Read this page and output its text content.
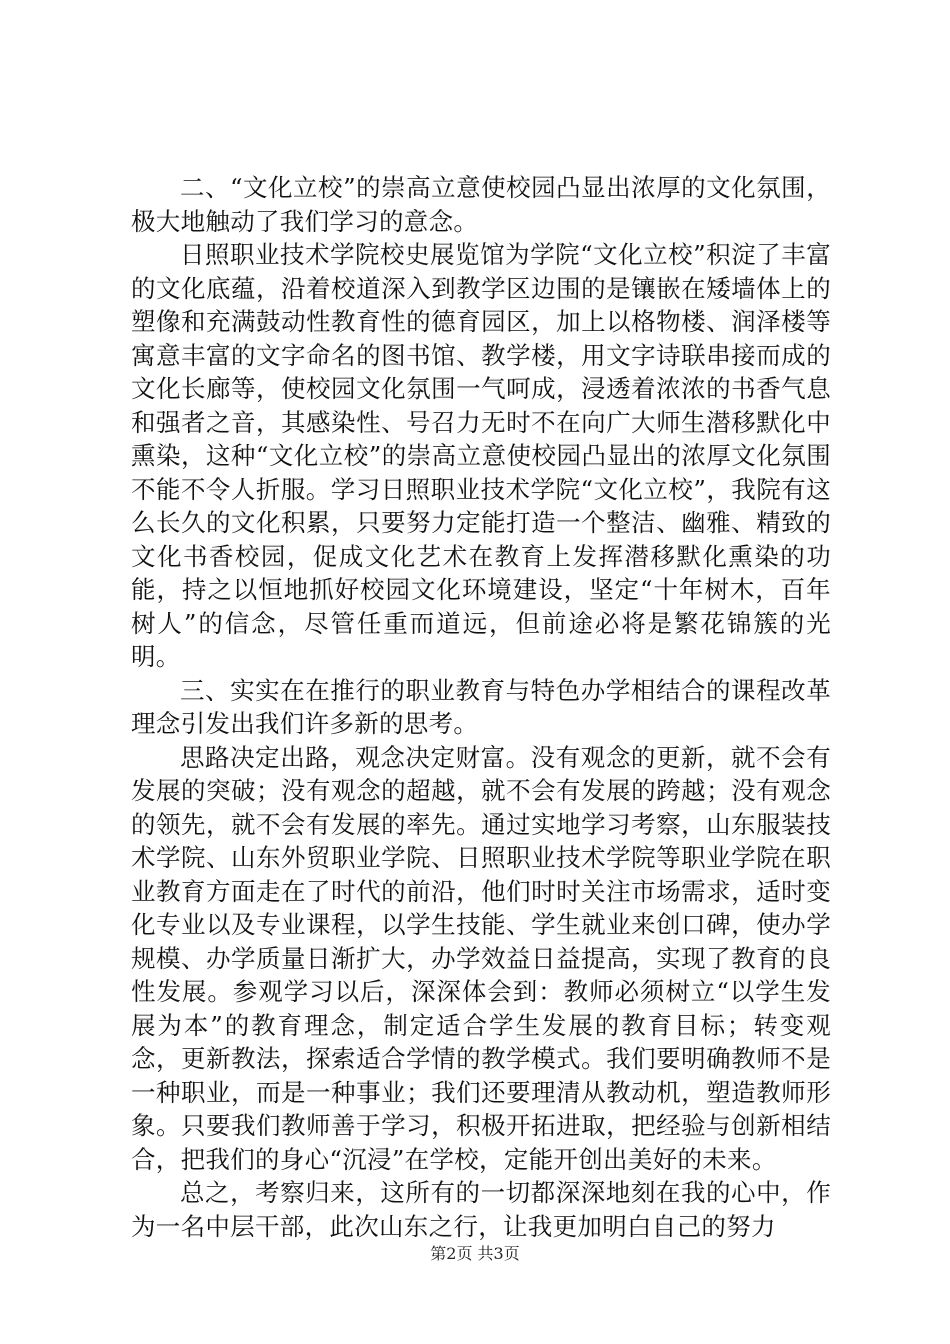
二、“文化立校”的崇高立意使校园凸显出浓厚的文化氛围，极大地触动了我们学习的意念。

日照职业技术学院校史展览馆为学院“文化立校”积淀了丰富的文化底蕴，沿着校道深入到教学区边围的是镶嵌在矮墙体上的塑像和充满鼓动性教育性的德育园区，加上以格物楼、润泽楼等寓意丰富的文字命名的图书馆、教学楼，用文字诗联串接而成的文化长廊等，使校园文化氛围一气呵成，浸透着浓浓的书香气息和强者之音，其感染性、号召力无时不在向广大师生潜移默化中熏染，这种“文化立校”的崇高立意使校园凸显出的浓厚文化氛围不能不令人折服。学习日照职业技术学院“文化立校”，我院有这么长久的文化积累，只要努力定能打造一个整洁、幽雅、精致的文化书香校园，促成文化艺术在教育上发挥潜移默化熏染的功能，持之以恒地抓好校园文化环境建设，坚定“十年树木，百年树人”的信念，尽管任重而道远，但前途必将是繁花锦簇的光明。

三、实实在在推行的职业教育与特色办学相结合的课程改革理念引发出我们许多新的思考。

思路决定出路，观念决定财富。没有观念的更新，就不会有发展的突破；没有观念的超越，就不会有发展的跨越；没有观念的领先，就不会有发展的率先。通过实地学习考察，山东服装技术学院、山东外贸职业学院、日照职业技术学院等职业学院在职业教育方面走在了时代的前沿，他们时时关注市场需求，适时变化专业以及专业课程，以学生技能、学生就业来创口碑，使办学规模、办学质量日渐扩大，办学效益日益提高，实现了教育的良性发展。参观学习以后，深深体会到：教师必须树立“以学生发展为本”的教育理念，制定适合学生发展的教育目标；转变观念，更新教法，探索适合学情的教学模式。我们要明确教师不是一种职业，而是一种事业；我们还要理清从教动机，塑造教师形象。只要我们教师善于学习，积极开拓进取，把经验与创新相结合，把我们的身心“沉浸”在学校，定能开创出美好的未来。

总之，考察归来，这所有的一切都深深地刻在我的心中，作为一名中层干部，此次山东之行，让我更加明白自己的努力

第2页 共3页
